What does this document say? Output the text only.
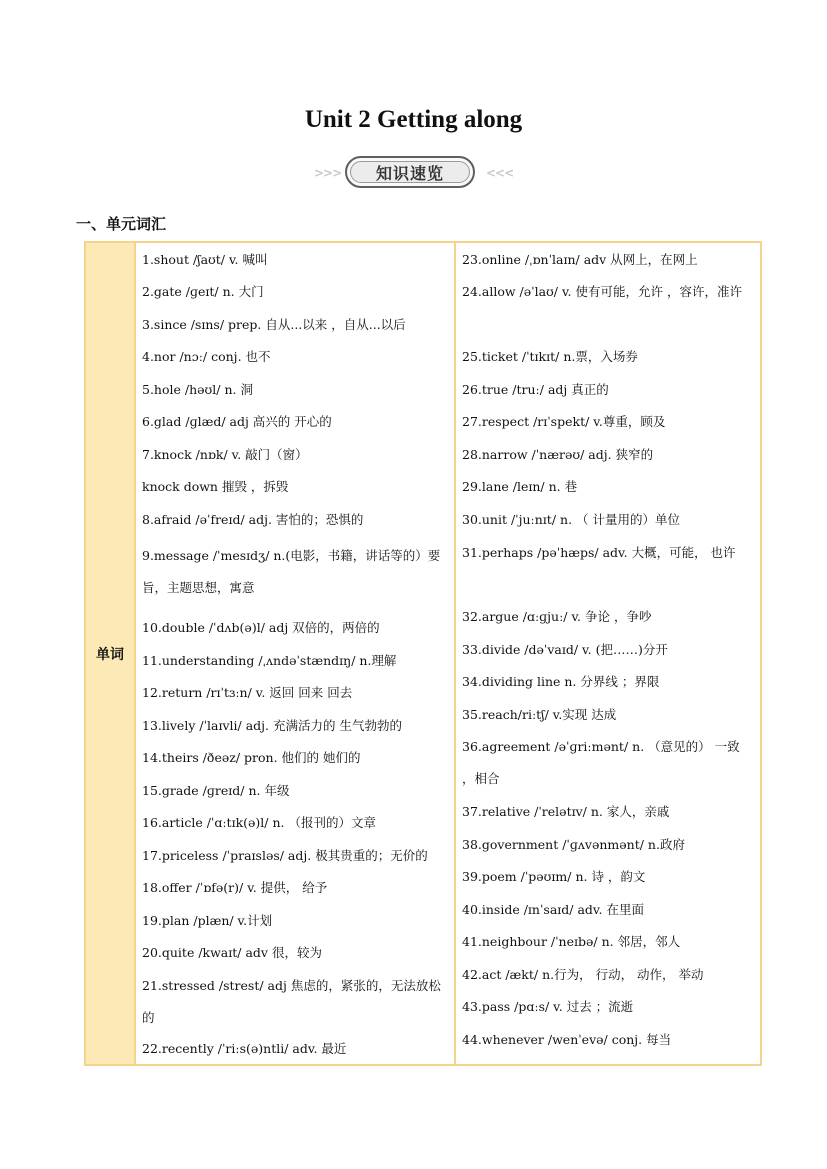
Unit 2 Getting along
>>>	知识速览	<<<
一、单元词汇
单词
1.shout /ʃaʊt/ v. 喊叫
2.gate /ɡeɪt/ n. 大门
3.since /sɪns/ prep. 自从...以来 ，自从...以后
4.nor /nɔː/ conj. 也不
5.hole /həʊl/ n. 洞
6.glad /ɡlæd/ adj 高兴的 开心的
7.knock /nɒk/ v. 敲门（窗）
knock down 摧毁 ，拆毁
8.afraid /əˈfreɪd/ adj. 害怕的；恐惧的
9.message /ˈmesɪdʒ/ n.(电影，书籍，讲话等的）要旨，主题思想，寓意
10.double /ˈdʌb(ə)l/ adj 双倍的，两倍的
11.understanding /ˌʌndəˈstændɪŋ/ n.理解
12.return /rɪˈtɜːn/ v. 返回 回来 回去
13.lively /ˈlaɪvli/ adj. 充满活力的 生气勃勃的
14.theirs /ðeəz/ pron. 他们的 她们的
15.grade /ɡreɪd/ n. 年级
16.article /ˈɑːtɪk(ə)l/ n. （报刊的）文章
17.priceless /ˈpraɪsləs/ adj. 极其贵重的；无价的
18.offer /ˈɒfə(r)/ v. 提供， 给予
19.plan /plæn/ v.计划
20.quite /kwaɪt/ adv 很，较为
21.stressed /strest/ adj 焦虑的，紧张的，无法放松的
22.recently /ˈriːs(ə)ntli/ adv. 最近
23.online /ˌɒnˈlaɪn/ adv 从网上，在网上
24.allow /əˈlaʊ/ v. 使有可能，允许 ，容许，准许
25.ticket /ˈtɪkɪt/ n.票，入场券
26.true /truː/ adj 真正的
27.respect /rɪˈspekt/ v.尊重，顾及
28.narrow /ˈnærəʊ/ adj. 狭窄的
29.lane /leɪn/ n. 巷
30.unit /ˈjuːnɪt/ n. （ 计量用的）单位
31.perhaps /pəˈhæps/ adv. 大概，可能， 也许
32.argue /ɑːɡjuː/ v. 争论 ，争吵
33.divide /dəˈvaɪd/ v. (把……)分开
34.dividing line n. 分界线 ；界限
35.reach/riːtʃ/ v.实现 达成
36.agreement /əˈɡriːmənt/ n. （意见的） 一致 ，相合
37.relative /ˈrelətɪv/ n. 家人，亲戚
38.government /ˈɡʌvənmənt/ n.政府
39.poem /ˈpəʊɪm/ n. 诗 ，韵文
40.inside /ɪnˈsaɪd/ adv. 在里面
41.neighbour /ˈneɪbə/ n. 邻居，邻人
42.act /ækt/ n.行为， 行动， 动作， 举动
43.pass /pɑːs/ v. 过去 ；流逝
44.whenever /wenˈevə/ conj. 每当
